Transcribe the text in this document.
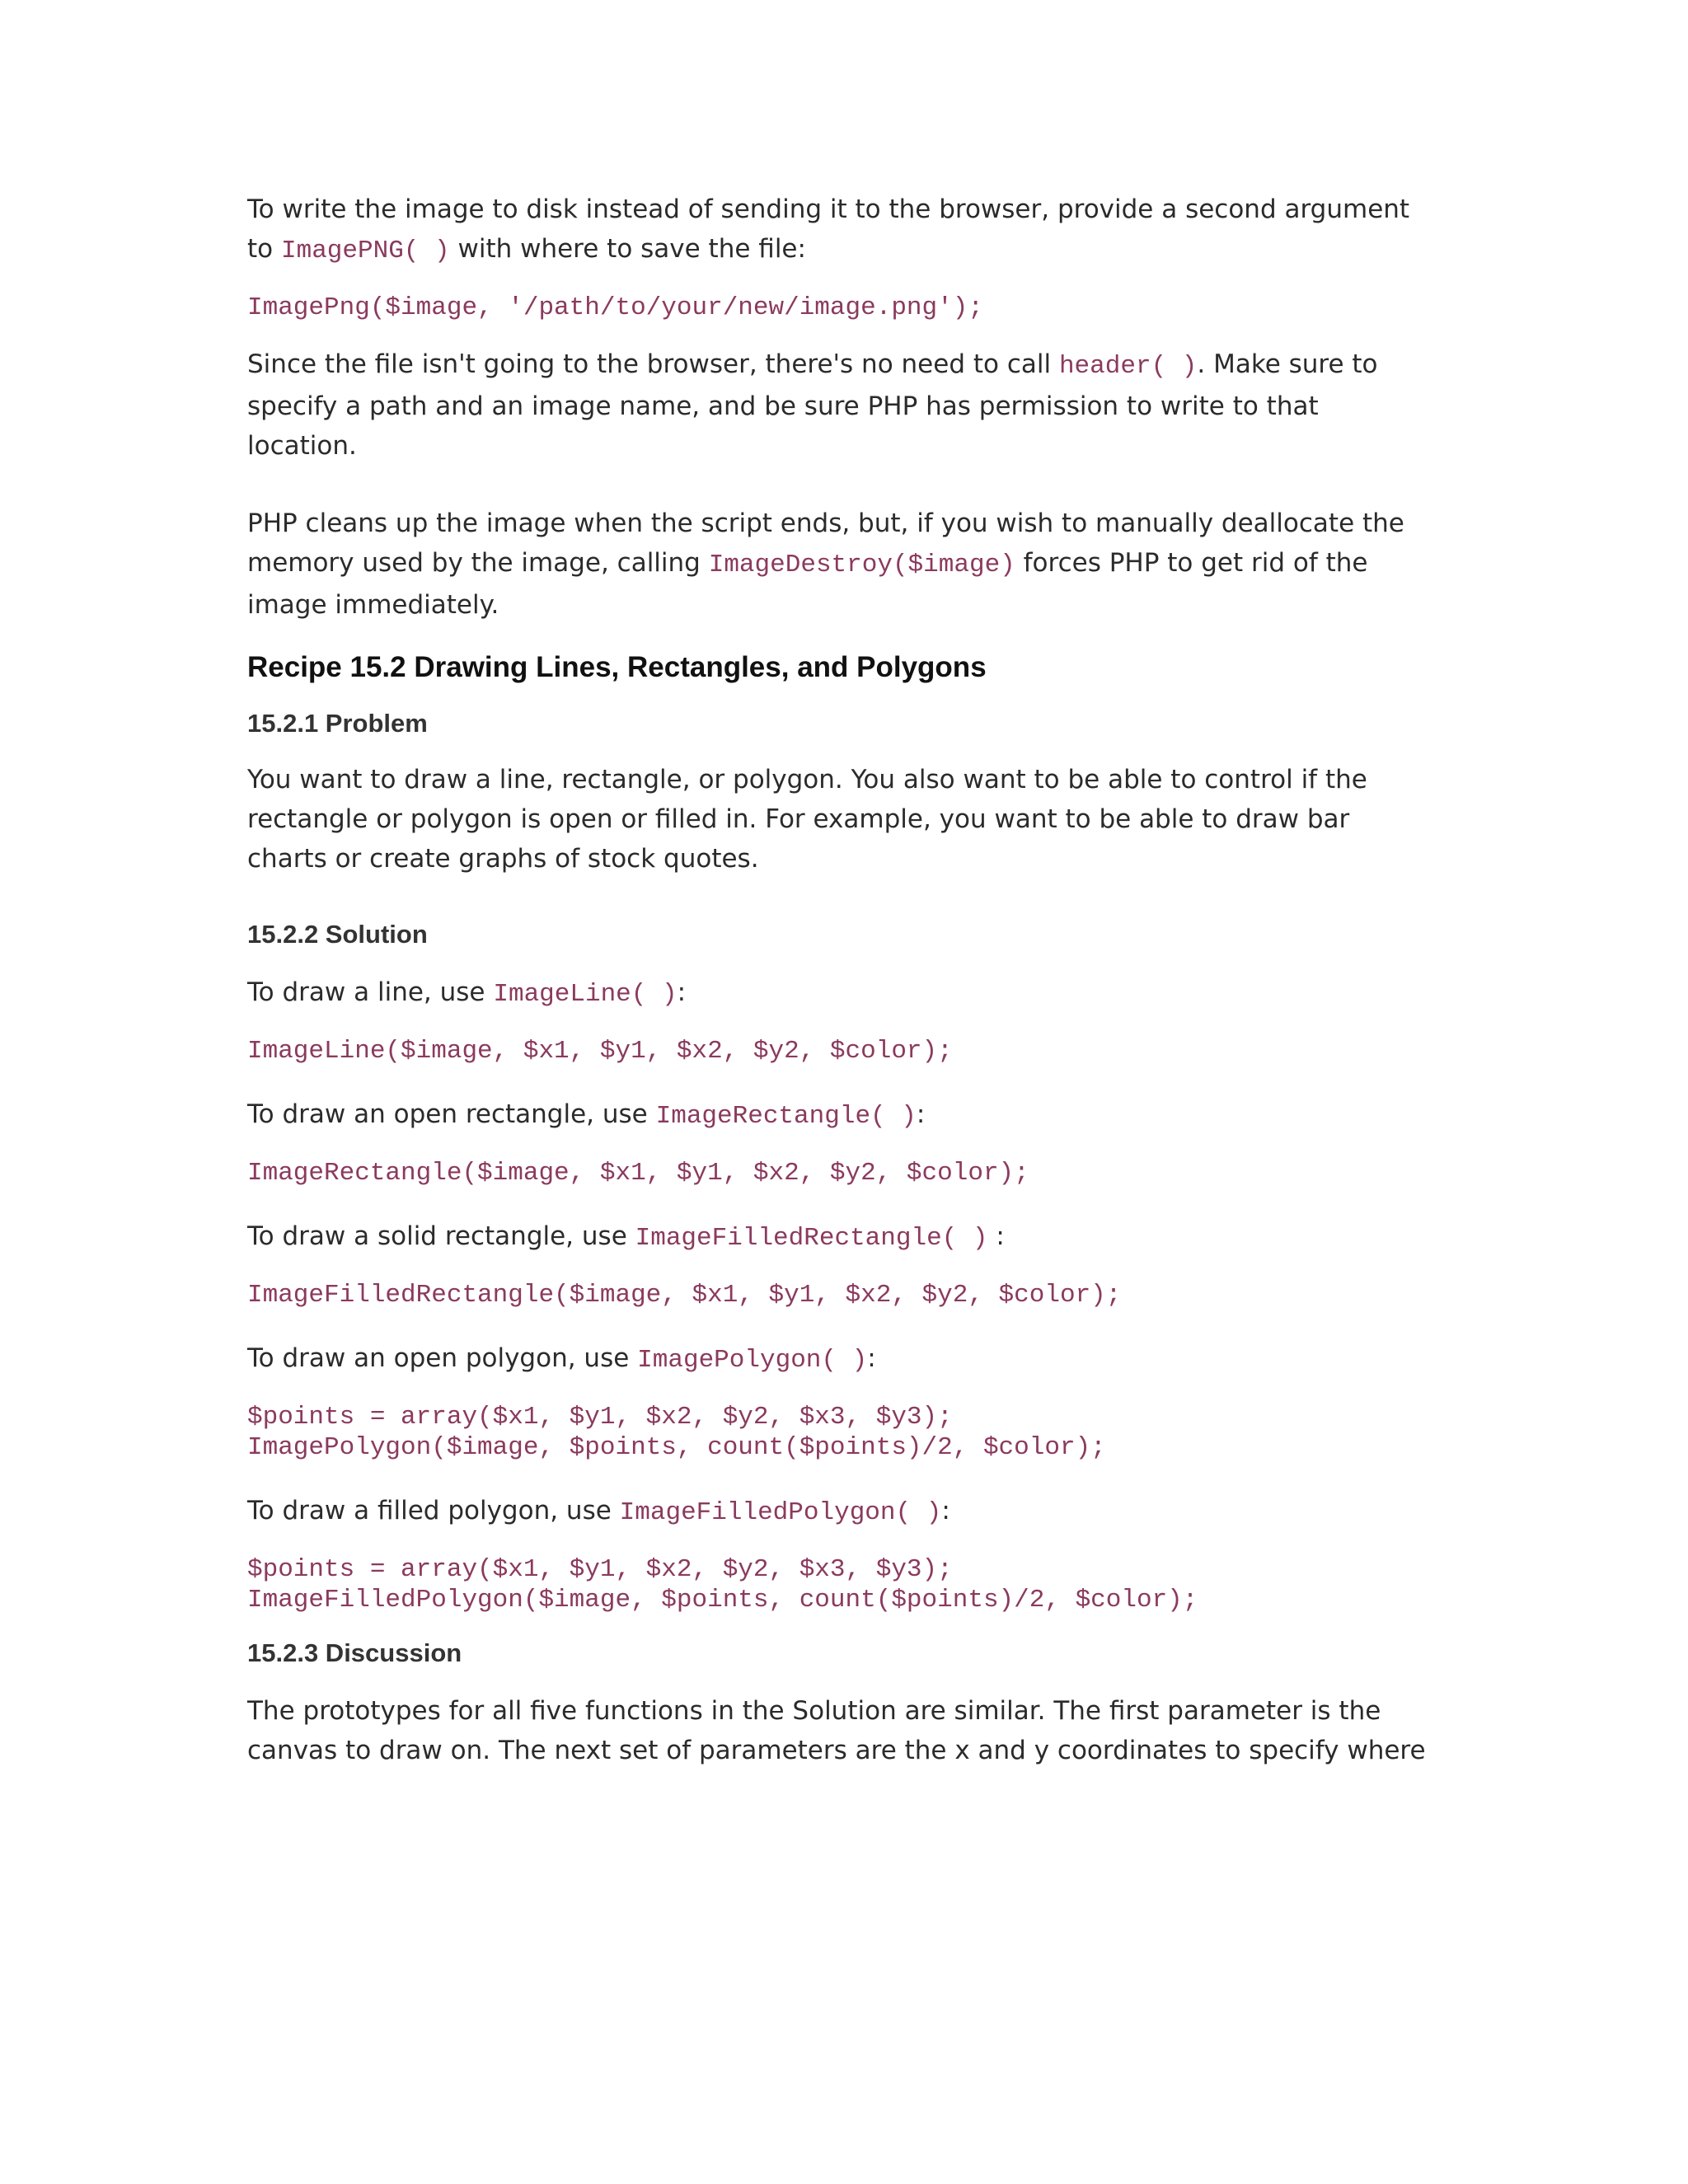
To write the image to disk instead of sending it to the browser, provide a second argument to ImagePNG( ) with where to save the file:

ImagePng($image, '/path/to/your/new/image.png');

Since the file isn't going to the browser, there's no need to call header( ). Make sure to specify a path and an image name, and be sure PHP has permission to write to that location.

PHP cleans up the image when the script ends, but, if you wish to manually deallocate the memory used by the image, calling ImageDestroy($image) forces PHP to get rid of the image immediately.

Recipe 15.2 Drawing Lines, Rectangles, and Polygons
15.2.1 Problem

You want to draw a line, rectangle, or polygon. You also want to be able to control if the rectangle or polygon is open or filled in. For example, you want to be able to draw bar charts or create graphs of stock quotes.

15.2.2 Solution

To draw a line, use ImageLine( ):

ImageLine($image, $x1, $y1, $x2, $y2, $color);

To draw an open rectangle, use ImageRectangle( ):

ImageRectangle($image, $x1, $y1, $x2, $y2, $color);

To draw a solid rectangle, use ImageFilledRectangle( ) :

ImageFilledRectangle($image, $x1, $y1, $x2, $y2, $color);

To draw an open polygon, use ImagePolygon( ):

$points = array($x1, $y1, $x2, $y2, $x3, $y3);
ImagePolygon($image, $points, count($points)/2, $color);

To draw a filled polygon, use ImageFilledPolygon( ):

$points = array($x1, $y1, $x2, $y2, $x3, $y3);
ImageFilledPolygon($image, $points, count($points)/2, $color);
15.2.3 Discussion

The prototypes for all five functions in the Solution are similar. The first parameter is the canvas to draw on. The next set of parameters are the x and y coordinates to specify where
